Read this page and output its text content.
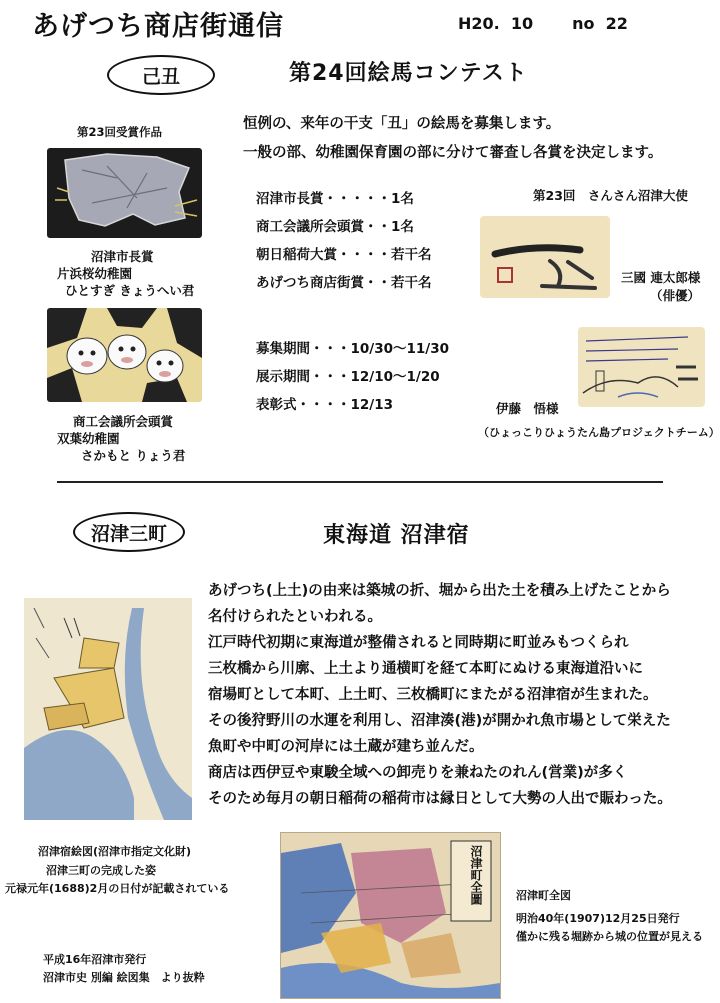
あげつち商店街通信	H20.  10       no  22
己丑	第24回絵馬コンテスト
恒例の、来年の干支「丑」の絵馬を募集します。
一般の部、幼稚園保育園の部に分けて審査し各賞を決定します。
第23回受賞作品
沼津市長賞
片浜桜幼稚園
ひとすぎ きょうへい君
商工会議所会頭賞
双葉幼稚園
さかもと りょう君
沼津市長賞・・・・・1名
商工会議所会頭賞・・1名
朝日稲荷大賞・・・・若干名
あげつち商店街賞・・若干名
第23回　さんさん沼津大使
三國 連太郎様
（俳優）
募集期間・・・10/30〜11/30
展示期間・・・12/10〜1/20
表彰式・・・・12/13	伊藤　悟様
（ひょっこりひょうたん島プロジェクトチーム）
沼津三町	東海道 沼津宿
あげつち(上土)の由来は築城の折、堀から出た土を積み上げたことから
名付けられたといわれる。
江戸時代初期に東海道が整備されると同時期に町並みもつくられ
三枚橋から川廓、上土より通横町を経て本町にぬける東海道沿いに
宿場町として本町、上土町、三枚橋町にまたがる沼津宿が生まれた。
その後狩野川の水運を利用し、沼津湊(港)が開かれ魚市場として栄えた
魚町や中町の河岸には土蔵が建ち並んだ。
商店は西伊豆や東駿全域への卸売りを兼ねたのれん(営業)が多く
そのため毎月の朝日稲荷の稲荷市は縁日として大勢の人出で賑わった。
沼津宿絵図(沼津市指定文化財)
沼津三町の完成した姿
元禄元年(1688)2月の日付が記載されている
平成16年沼津市発行
沼津市史 別編 絵図集　より抜粋
沼津町全圖	沼津町全図
明治40年(1907)12月25日発行
僅かに残る堀跡から城の位置が見える
